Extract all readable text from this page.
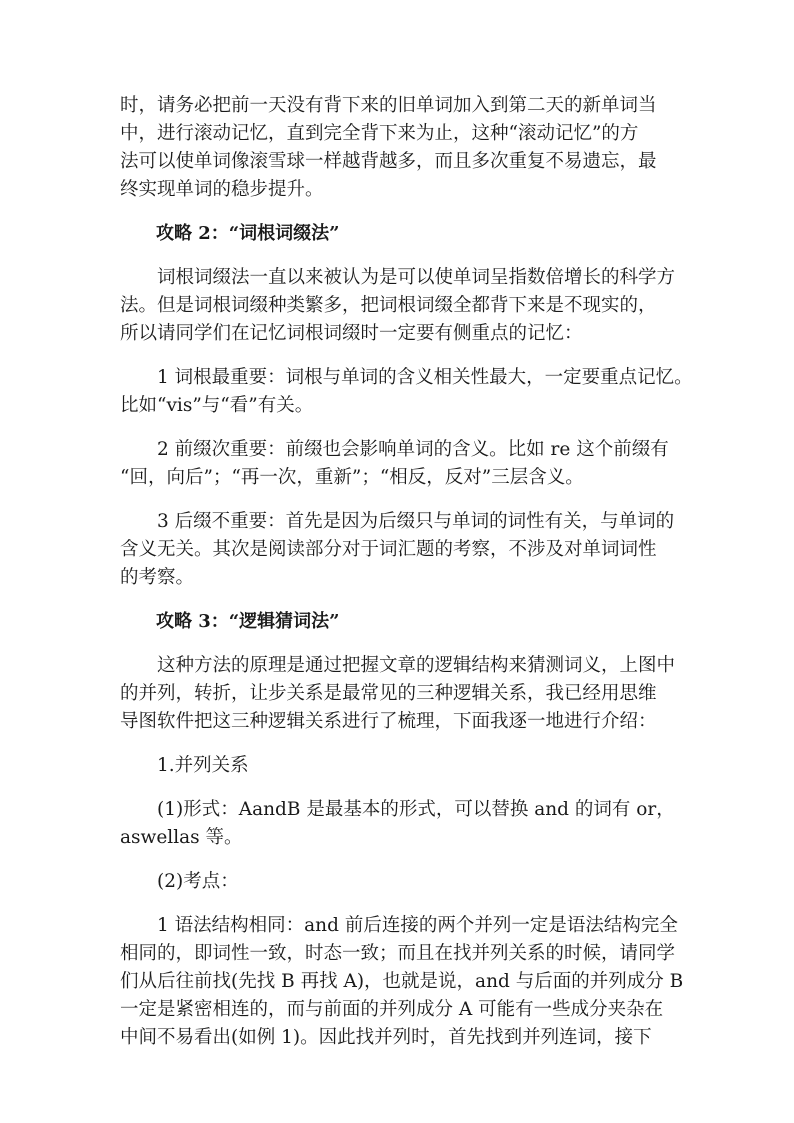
时，请务必把前一天没有背下来的旧单词加入到第二天的新单词当
中，进行滚动记忆，直到完全背下来为止，这种“滚动记忆”的方
法可以使单词像滚雪球一样越背越多，而且多次重复不易遗忘，最
终实现单词的稳步提升。
攻略 2：“词根词缀法”
词根词缀法一直以来被认为是可以使单词呈指数倍增长的科学方
法。但是词根词缀种类繁多，把词根词缀全都背下来是不现实的，
所以请同学们在记忆词根词缀时一定要有侧重点的记忆：
1 词根最重要：词根与单词的含义相关性最大，一定要重点记忆。
比如“vis”与“看”有关。
2 前缀次重要：前缀也会影响单词的含义。比如 re 这个前缀有
“回，向后”；“再一次，重新”；“相反，反对”三层含义。
3 后缀不重要：首先是因为后缀只与单词的词性有关，与单词的
含义无关。其次是阅读部分对于词汇题的考察，不涉及对单词词性
的考察。
攻略 3：“逻辑猜词法”
这种方法的原理是通过把握文章的逻辑结构来猜测词义，上图中
的并列，转折，让步关系是最常见的三种逻辑关系，我已经用思维
导图软件把这三种逻辑关系进行了梳理，下面我逐一地进行介绍：
1.并列关系
(1)形式：AandB 是最基本的形式，可以替换 and 的词有 or，
aswellas 等。
(2)考点：
1 语法结构相同：and 前后连接的两个并列一定是语法结构完全
相同的，即词性一致，时态一致；而且在找并列关系的时候，请同学
们从后往前找(先找 B 再找 A)，也就是说，and 与后面的并列成分 B
一定是紧密相连的，而与前面的并列成分 A 可能有一些成分夹杂在
中间不易看出(如例 1)。因此找并列时，首先找到并列连词，接下
